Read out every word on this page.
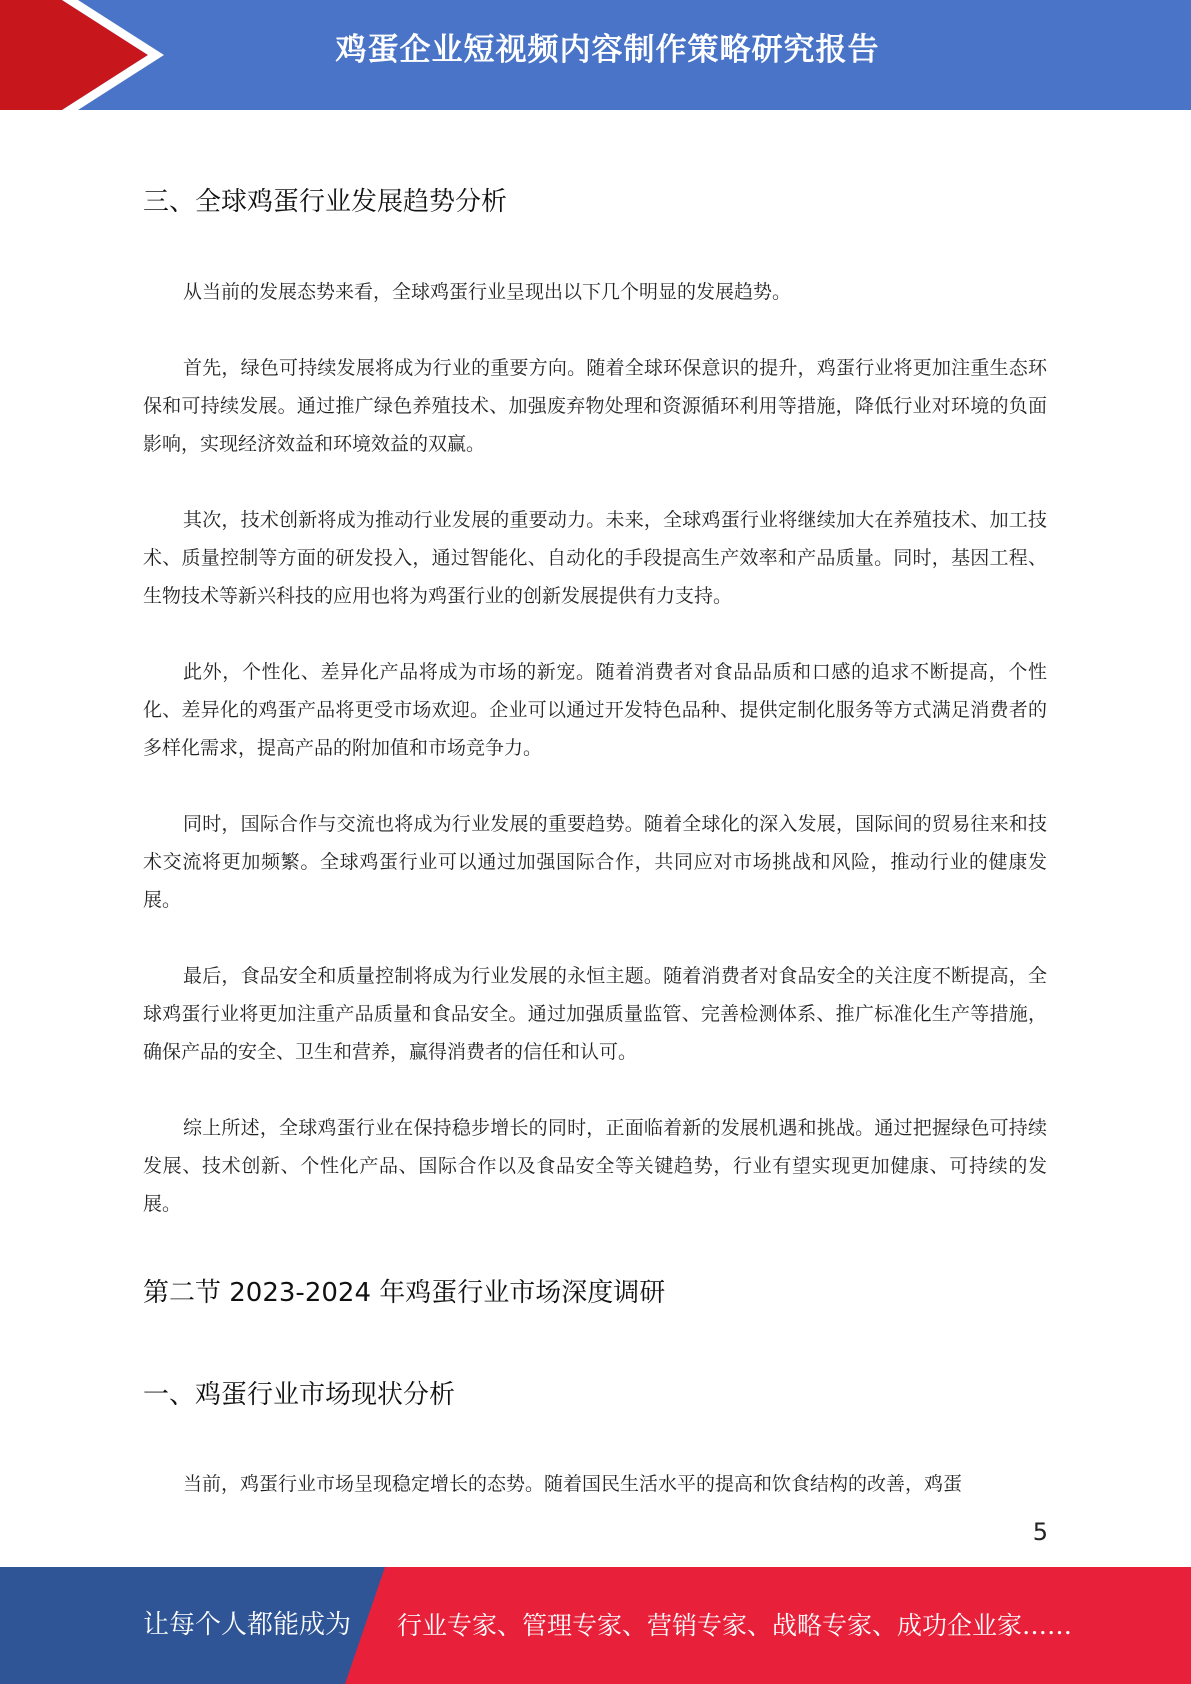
鸡蛋企业短视频内容制作策略研究报告
三、全球鸡蛋行业发展趋势分析

从当前的发展态势来看，全球鸡蛋行业呈现出以下几个明显的发展趋势。

首先，绿色可持续发展将成为行业的重要方向。随着全球环保意识的提升，鸡蛋行业将更加注重生态环保和可持续发展。通过推广绿色养殖技术、加强废弃物处理和资源循环利用等措施，降低行业对环境的负面影响，实现经济效益和环境效益的双赢。

其次，技术创新将成为推动行业发展的重要动力。未来，全球鸡蛋行业将继续加大在养殖技术、加工技术、质量控制等方面的研发投入，通过智能化、自动化的手段提高生产效率和产品质量。同时，基因工程、生物技术等新兴科技的应用也将为鸡蛋行业的创新发展提供有力支持。

此外，个性化、差异化产品将成为市场的新宠。随着消费者对食品品质和口感的追求不断提高，个性化、差异化的鸡蛋产品将更受市场欢迎。企业可以通过开发特色品种、提供定制化服务等方式满足消费者的多样化需求，提高产品的附加值和市场竞争力。

同时，国际合作与交流也将成为行业发展的重要趋势。随着全球化的深入发展，国际间的贸易往来和技术交流将更加频繁。全球鸡蛋行业可以通过加强国际合作，共同应对市场挑战和风险，推动行业的健康发展。

最后，食品安全和质量控制将成为行业发展的永恒主题。随着消费者对食品安全的关注度不断提高，全球鸡蛋行业将更加注重产品质量和食品安全。通过加强质量监管、完善检测体系、推广标准化生产等措施，确保产品的安全、卫生和营养，赢得消费者的信任和认可。

综上所述，全球鸡蛋行业在保持稳步增长的同时，正面临着新的发展机遇和挑战。通过把握绿色可持续发展、技术创新、个性化产品、国际合作以及食品安全等关键趋势，行业有望实现更加健康、可持续的发展。

第二节 2023-2024 年鸡蛋行业市场深度调研
一、鸡蛋行业市场现状分析

当前，鸡蛋行业市场呈现稳定增长的态势。随着国民生活水平的提高和饮食结构的改善，鸡蛋

5
让每个人都能成为 行业专家、管理专家、营销专家、战略专家、成功企业家……
